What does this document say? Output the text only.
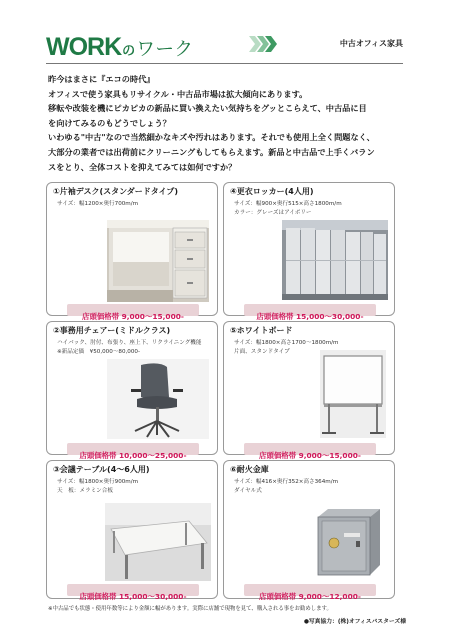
WORKのワーク	中古オフィス家具

昨今はまさに『エコの時代』

オフィスで使う家具もリサイクル・中古品市場は拡大傾向にあります。

移転や改装を機にピカピカの新品に買い換えたい気持ちをグッとこらえて、中古品に目

を向けてみるのもどうでしょう？

いわゆる"中古"なので当然細かなキズや汚れはあります。それでも使用上全く問題なく、

大部分の業者では出荷前にクリーニングもしてもらえます。新品と中古品で上手くバラン

スをとり、全体コストを抑えてみては如何ですか？

①片袖デスク(スタンダードタイプ)
サイズ：幅1200×奥行700m/m
店頭価格帯 9,000〜15,000-
④更衣ロッカー(4人用)
サイズ：幅900×奥行515×高さ1800m/m
カラー：グレーズはアイボリー
店頭価格帯 15,000〜30,000-
②事務用チェアー(ミドルクラス)
ハイバック、肘付、布張り、座上下、リクライニング機能
※新品定価　¥50,000〜80,000-
店頭価格帯 10,000〜25,000-
⑤ホワイトボード
サイズ：幅1800×高さ1700〜1800m/m
片面、スタンドタイプ
店頭価格帯 9,000〜15,000-
③会議テーブル(4〜6人用)
サイズ：幅1800×奥行900m/m
天　板：メラミン合板
店頭価格帯 15,000〜30,000-
⑥耐火金庫
サイズ：幅416×奥行352×高さ364m/m
ダイヤル式
店頭価格帯 9,000〜12,000-
※中古品でも状態・使用年数等により金額に幅があります。実際に店舗で現物を見て、購入される事をお勧めします。
●写真協力：(株)オフィスバスターズ様
